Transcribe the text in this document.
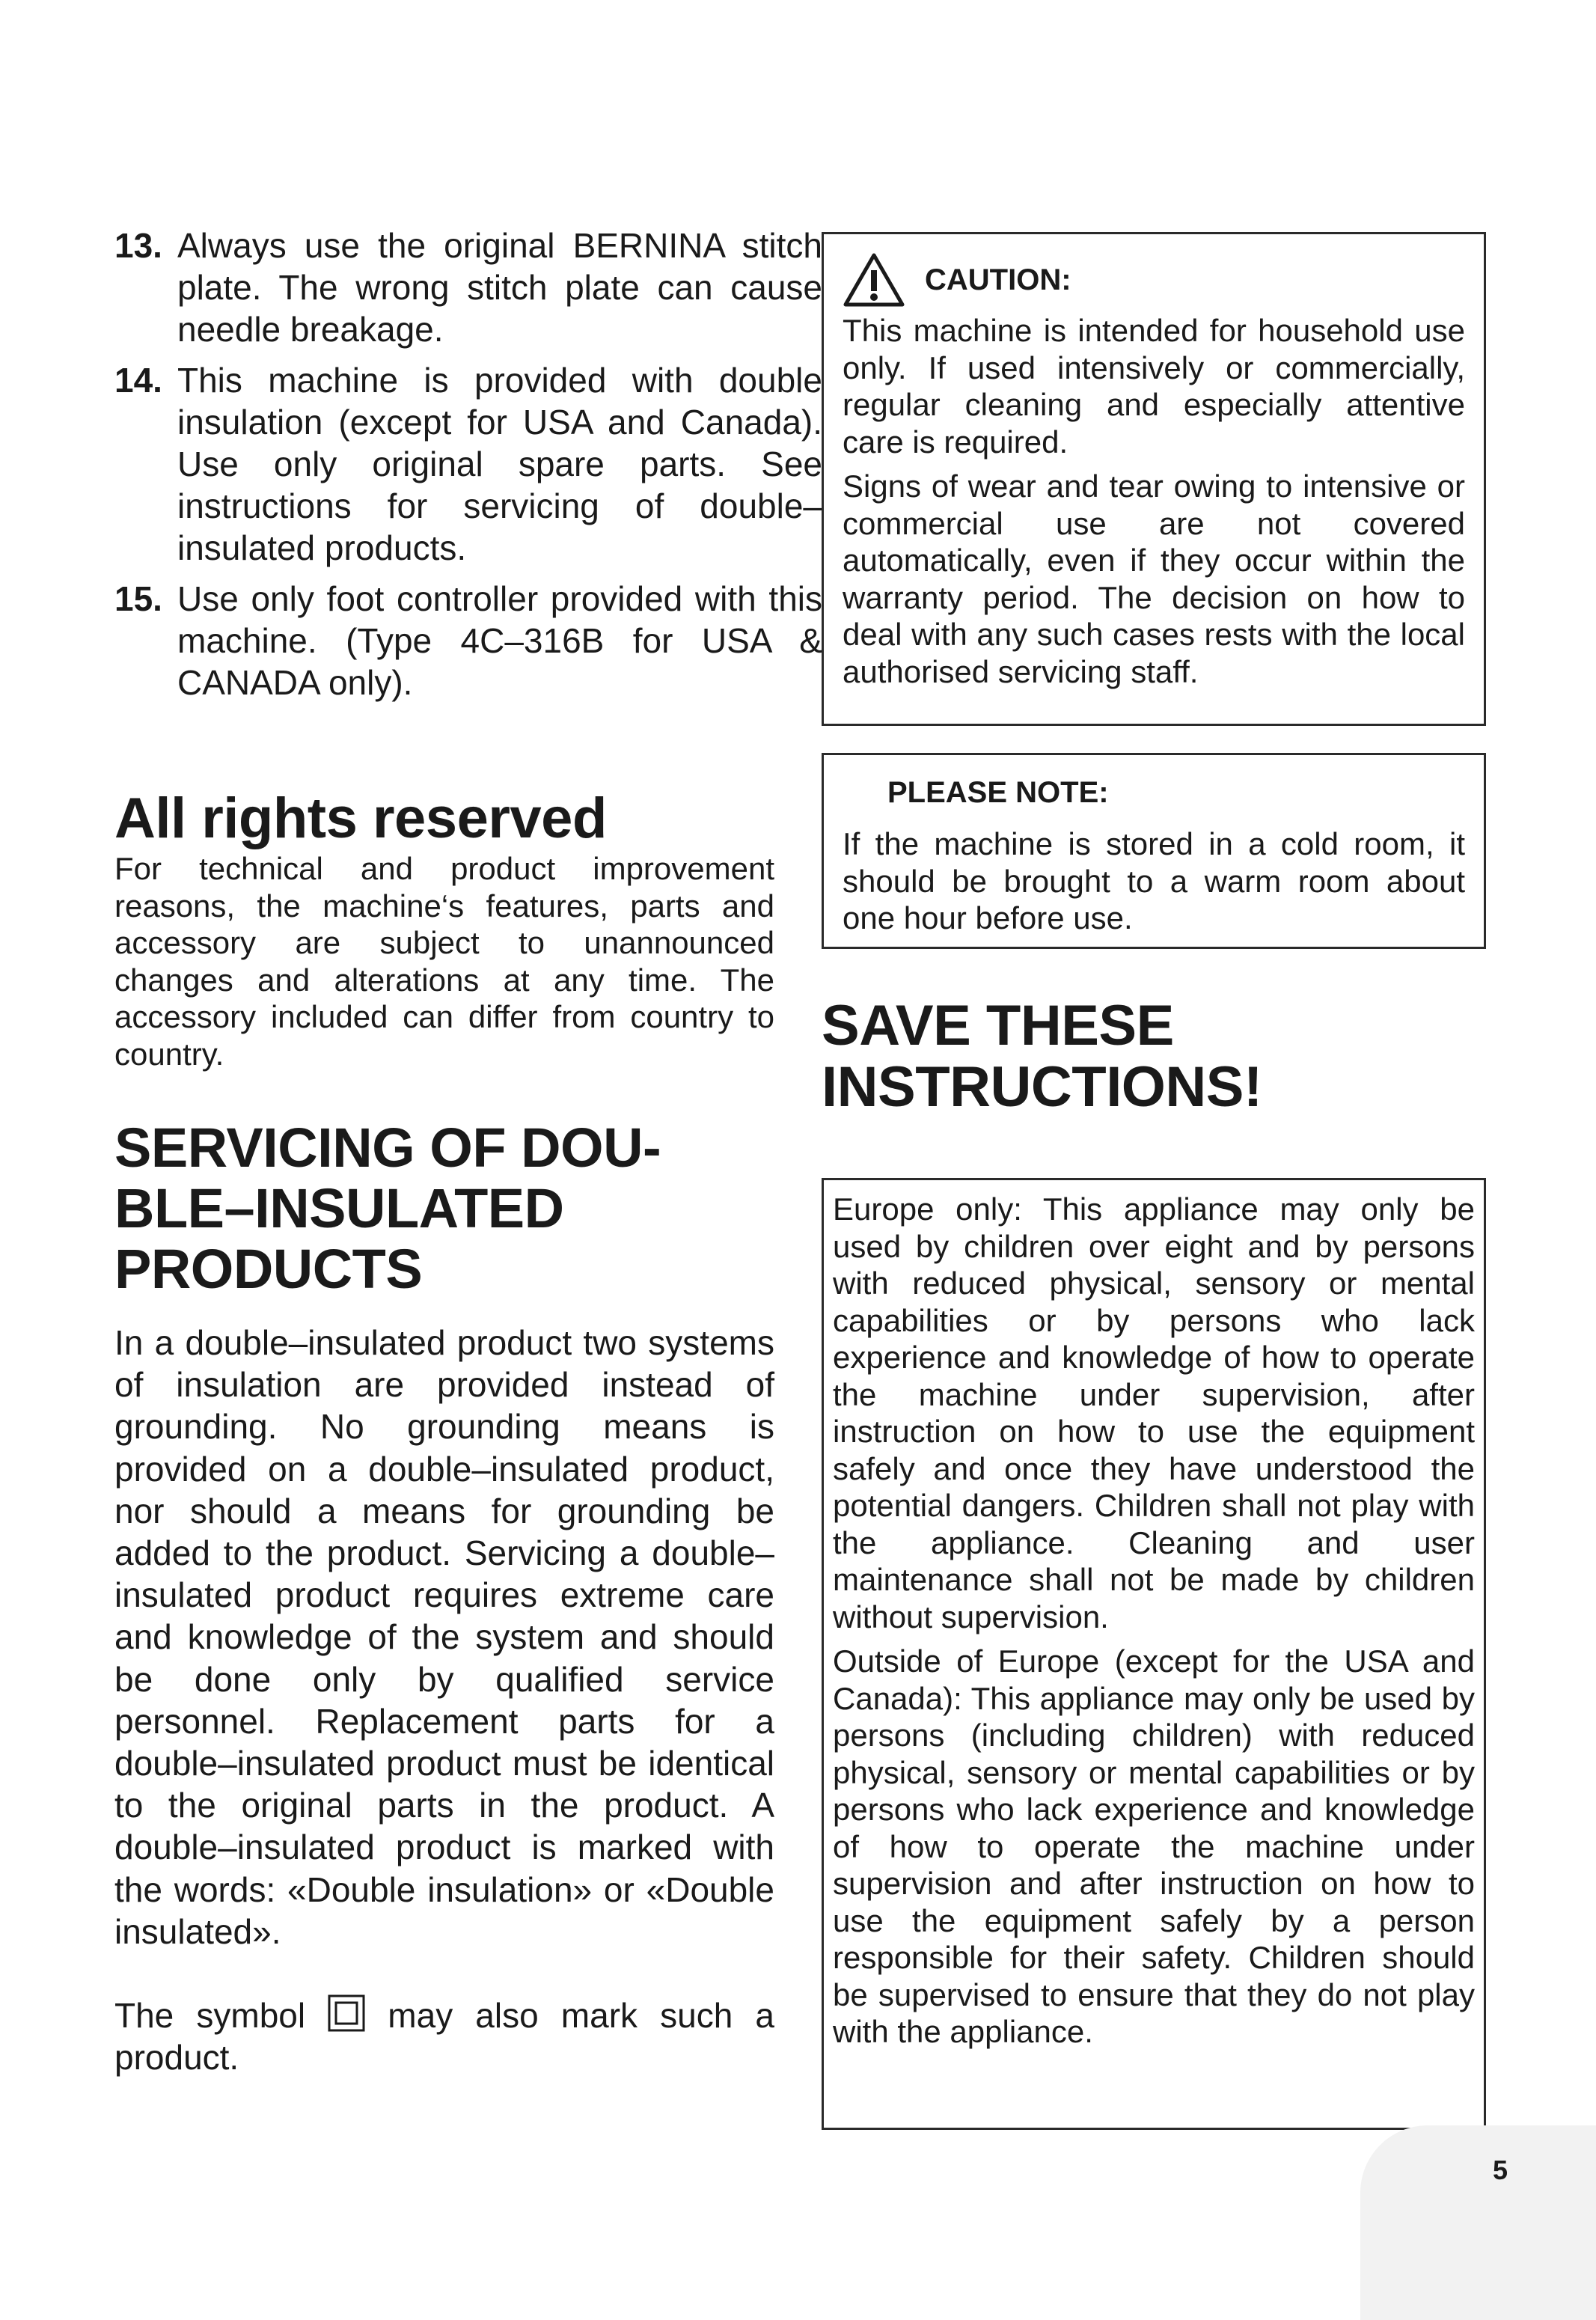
13. Always use the original BERNINA stitch plate. The wrong stitch plate can cause needle breakage.
14. This machine is provided with double insulation (except for USA and Canada). Use only original spare parts. See instructions for servicing of double–insulated products.
15. Use only foot controller provided with this machine. (Type 4C–316B for USA & CANADA only).
All rights reserved

For technical and product improvement reasons, the machine‘s features, parts and accessory are subject to unannounced changes and alterations at any time. The accessory included can differ from country to country.

SERVICING OF DOU-
BLE–INSULATED
PRODUCTS

In a double–insulated product two systems of insulation are provided instead of grounding. No grounding means is provided on a double–insulated product, nor should a means for grounding be added to the product. Servicing a double–insulated product requires extreme care and knowledge of the system and should be done only by qualified service personnel. Replacement parts for a double–insulated product must be identical to the original parts in the product. A double–insulated product is marked with the words: «Double insulation» or «Double insulated».

The symbol may also mark such a product.

CAUTION:

This machine is intended for household use only. If used intensively or commercially, regular cleaning and especially attentive care is required.

Signs of wear and tear owing to intensive or commercial use are not covered automatically, even if they occur within the warranty period. The decision on how to deal with any such cases rests with the local authorised servicing staff.

PLEASE NOTE:

If the machine is stored in a cold room, it should be brought to a warm room about one hour before use.

SAVE THESE
INSTRUCTIONS!

Europe only: This appliance may only be used by children over eight and by persons with reduced physical, sensory or mental capabilities or by persons who lack experience and knowledge of how to operate the machine under supervision, after instruction on how to use the equipment safely and once they have understood the potential dangers. Children shall not play with the appliance. Cleaning and user maintenance shall not be made by children without supervision.

Outside of Europe (except for the USA and Canada): This appliance may only be used by persons (including children) with reduced physical, sensory or mental capabilities or by persons who lack experience and knowledge of how to operate the machine under supervision and after instruction on how to use the equipment safely by a person responsible for their safety. Children should be supervised to ensure that they do not play with the appliance.

5
